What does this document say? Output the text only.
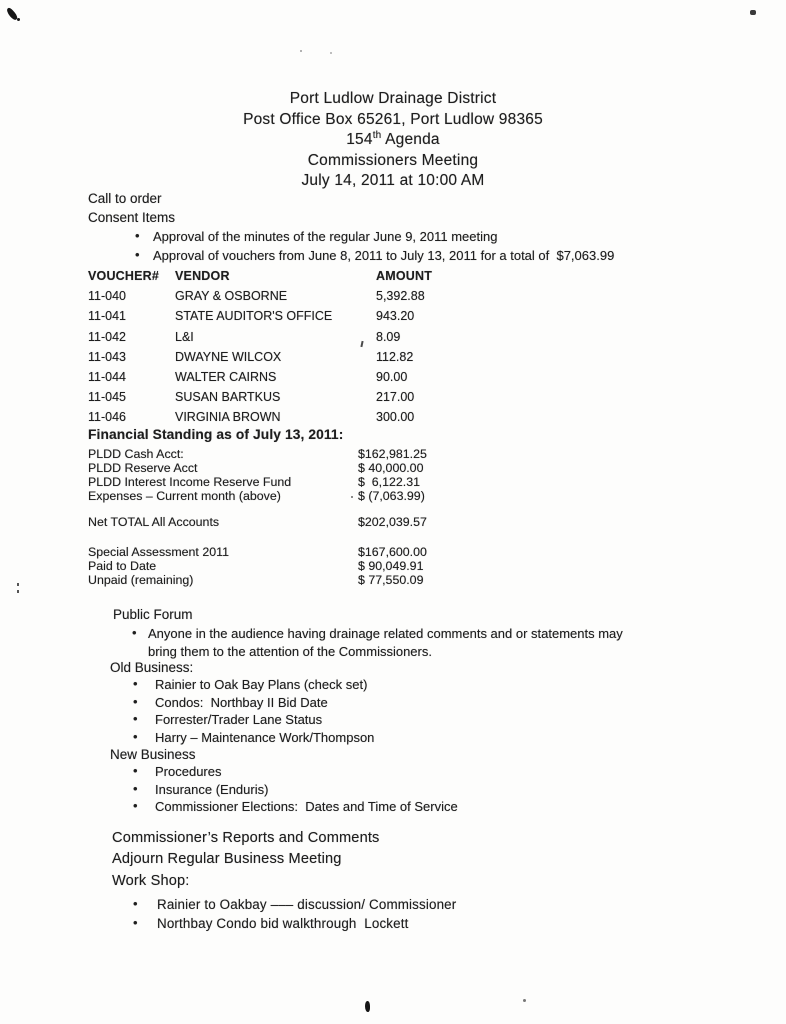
Port Ludlow Drainage District
Post Office Box 65261, Port Ludlow 98365
154th Agenda
Commissioners Meeting
July 14, 2011 at 10:00 AM
Call to order
Consent Items
• Approval of the minutes of the regular June 9, 2011 meeting
• Approval of vouchers from June 8, 2011 to July 13, 2011 for a total of  $7,063.99
VOUCHER#	VENDOR	AMOUNT
11-040	GRAY & OSBORNE	5,392.88
11-041	STATE AUDITOR'S OFFICE	943.20
11-042	L&I	8.09
11-043	DWAYNE WILCOX	112.82
11-044	WALTER CAIRNS	90.00
11-045	SUSAN BARTKUS	217.00
11-046	VIRGINIA BROWN	300.00
Financial Standing as of July 13, 2011:
PLDD Cash Acct:	$162,981.25
PLDD Reserve Acct	$ 40,000.00
PLDD Interest Income Reserve Fund	$  6,122.31
Expenses – Current month (above)	$ (7,063.99)
Net TOTAL All Accounts	$202,039.57
Special Assessment 2011	$167,600.00
Paid to Date	$ 90,049.91
Unpaid (remaining)	$ 77,550.09
Public Forum
• Anyone in the audience having drainage related comments and or statements may bring them to the attention of the Commissioners.
Old Business:
• Rainier to Oak Bay Plans (check set)
• Condos:  Northbay II Bid Date
• Forrester/Trader Lane Status
• Harry – Maintenance Work/Thompson
New Business
• Procedures
• Insurance (Enduris)
• Commissioner Elections:  Dates and Time of Service
Commissioner’s Reports and Comments
Adjourn Regular Business Meeting
Work Shop:
• Rainier to Oakbay ––– discussion/ Commissioner
• Northbay Condo bid walkthrough  Lockett
